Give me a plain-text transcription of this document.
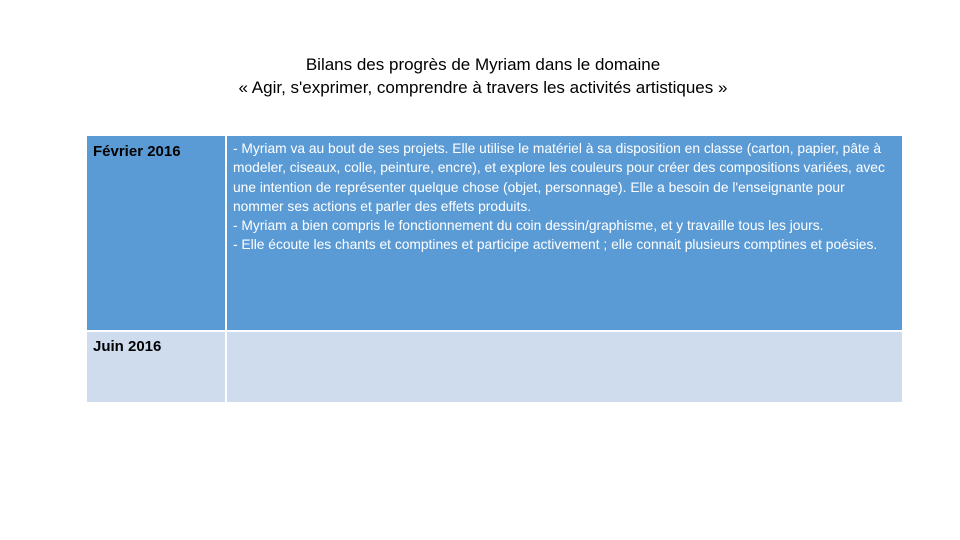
Bilans des progrès de Myriam dans le domaine
« Agir, s'exprimer, comprendre à travers les activités artistiques »
Février 2016	- Myriam va au bout de ses projets. Elle utilise le matériel à sa disposition en classe (carton, papier, pâte à modeler, ciseaux, colle, peinture, encre), et explore les couleurs pour créer des compositions variées, avec une intention de représenter quelque chose (objet, personnage). Elle a besoin de l'enseignante pour nommer ses actions et parler des effets produits.
- Myriam a bien compris le fonctionnement du coin dessin/graphisme, et y travaille tous les jours.
- Elle écoute les chants et comptines et participe activement ; elle connait plusieurs comptines et poésies.

Juin 2016	
